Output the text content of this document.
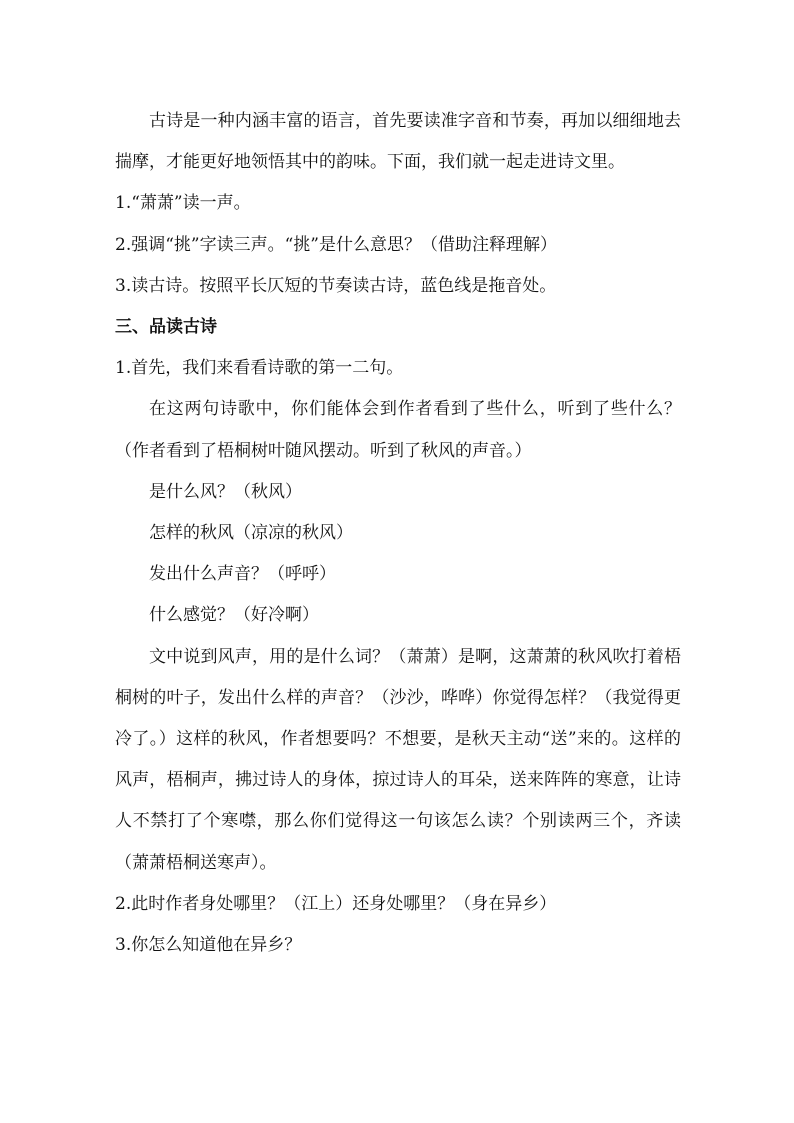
古诗是一种内涵丰富的语言，首先要读准字音和节奏，再加以细细地去揣摩，才能更好地领悟其中的韵味。下面，我们就一起走进诗文里。

1.“萧萧”读一声。

2.强调“挑”字读三声。“挑”是什么意思？（借助注释理解）

3.读古诗。按照平长仄短的节奏读古诗，蓝色线是拖音处。

三、品读古诗

1.首先，我们来看看诗歌的第一二句。

在这两句诗歌中，你们能体会到作者看到了些什么，听到了些什么？（作者看到了梧桐树叶随风摆动。听到了秋风的声音。）

是什么风？（秋风）

怎样的秋风（凉凉的秋风）

发出什么声音？（呼呼）

什么感觉？（好冷啊）

文中说到风声，用的是什么词？（萧萧）是啊，这萧萧的秋风吹打着梧桐树的叶子，发出什么样的声音？（沙沙，哗哗）你觉得怎样？（我觉得更冷了。）这样的秋风，作者想要吗？不想要，是秋天主动“送”来的。这样的风声，梧桐声，拂过诗人的身体，掠过诗人的耳朵，送来阵阵的寒意，让诗人不禁打了个寒噤，那么你们觉得这一句该怎么读？个别读两三个，齐读（萧萧梧桐送寒声）。

2.此时作者身处哪里？（江上）还身处哪里？（身在异乡）

3.你怎么知道他在异乡？
